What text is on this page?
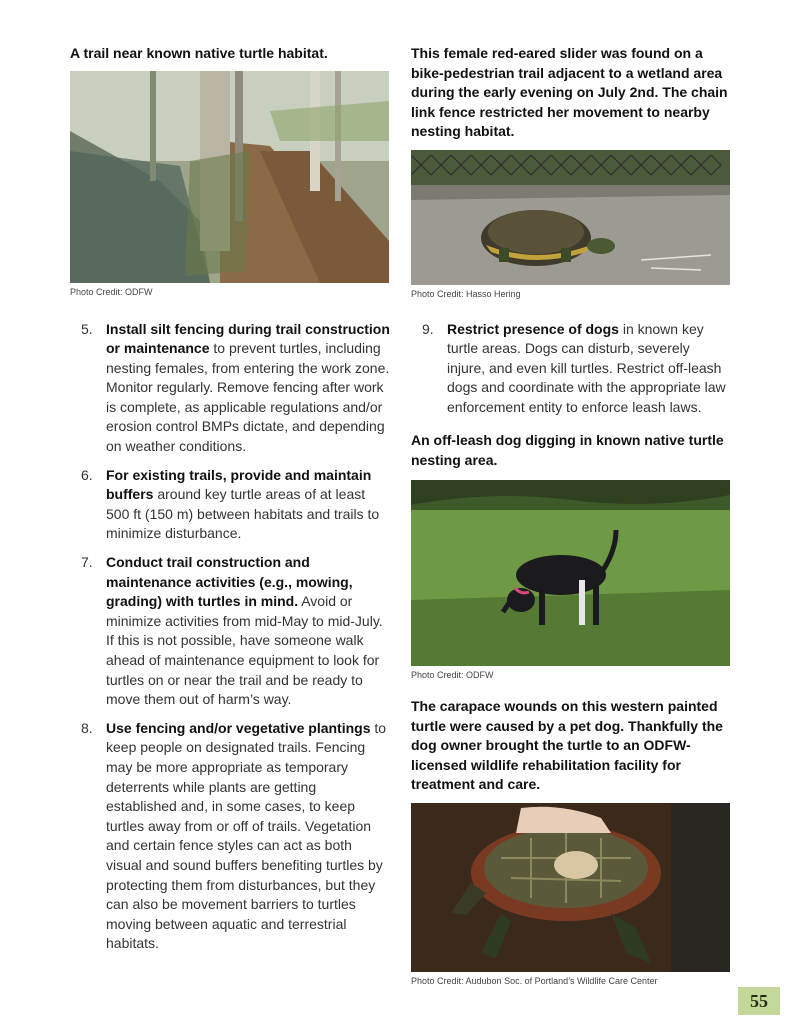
A trail near known native turtle habitat.

Photo Credit: ODFW
5. Install silt fencing during trail construction or maintenance to prevent turtles, including nesting females, from entering the work zone. Monitor regularly. Remove fencing after work is complete, as applicable regulations and/or erosion control BMPs dictate, and depending on weather conditions.
6. For existing trails, provide and maintain buffers around key turtle areas of at least 500 ft (150 m) between habitats and trails to minimize disturbance.
7. Conduct trail construction and maintenance activities (e.g., mowing, grading) with turtles in mind. Avoid or minimize activities from mid-May to mid-July. If this is not possible, have someone walk ahead of maintenance equipment to look for turtles on or near the trail and be ready to move them out of harm’s way.
8. Use fencing and/or vegetative plantings to keep people on designated trails. Fencing may be more appropriate as temporary deterrents while plants are getting established and, in some cases, to keep turtles away from or off of trails. Vegetation and certain fence styles can act as both visual and sound buffers benefiting turtles by protecting them from disturbances, but they can also be movement barriers to turtles moving between aquatic and terrestrial habitats.

This female red-eared slider was found on a bike-pedestrian trail adjacent to a wetland area during the early evening on July 2nd. The chain link fence restricted her movement to nearby nesting habitat.

Photo Credit: Hasso Hering
9. Restrict presence of dogs in known key turtle areas. Dogs can disturb, severely injure, and even kill turtles. Restrict off-leash dogs and coordinate with the appropriate law enforcement entity to enforce leash laws.

An off-leash dog digging in known native turtle nesting area.

Photo Credit: ODFW

The carapace wounds on this western painted turtle were caused by a pet dog. Thankfully the dog owner brought the turtle to an ODFW-licensed wildlife rehabilitation facility for treatment and care.

Photo Credit: Audubon Soc. of Portland’s Wildlife Care Center
55
